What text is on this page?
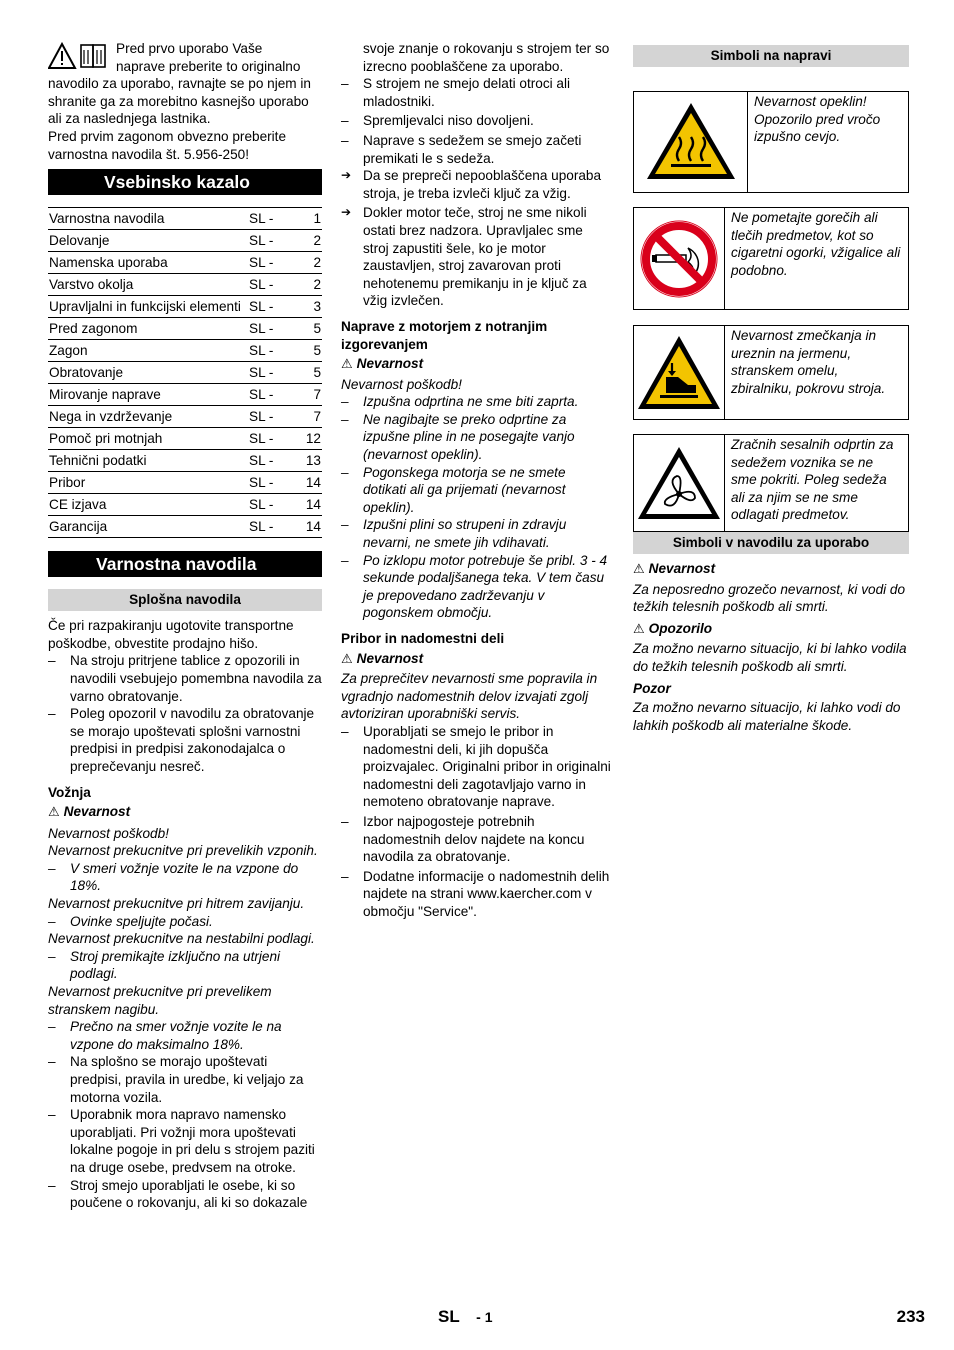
Pred prvo uporabo Vaše

naprave preberite to originalno

navodilo za uporabo, ravnajte se po njem in shranite ga za morebitno kasnejšo uporabo ali za naslednjega lastnika.

Pred prvim zagonom obvezno preberite varnostna navodila št. 5.956-250!

Vsebinsko kazalo
Varnostna navodila	SL -	1
Delovanje	SL -	2
Namenska uporaba	SL -	2
Varstvo okolja	SL -	2
Upravljalni in funkcijski elementi	SL -	3
Pred zagonom	SL -	5
Zagon	SL -	5
Obratovanje	SL -	5
Mirovanje naprave	SL -	7
Nega in vzdrževanje	SL -	7
Pomoč pri motnjah	SL -	12
Tehnični podatki	SL -	13
Pribor	SL -	14
CE izjava	SL -	14
Garancija	SL -	14
Varnostna navodila
Splošna navodila

Če pri razpakiranju ugotovite transportne poškodbe, obvestite prodajno hišo.

– Na stroju pritrjene tablice z opozorili in navodili vsebujejo pomembna navodila za varno obratovanje.
– Poleg opozoril v navodilu za obratovanje se morajo upoštevati splošni varnostni predpisi in predpisi zakonodajalca o preprečevanju nesreč.

Vožnja

⚠ Nevarnost

Nevarnost poškodb!

Nevarnost prekucnitve pri prevelikih vzponih.

– V smeri vožnje vozite le na vzpone do 18%.

Nevarnost prekucnitve pri hitrem zavijanju.

– Ovinke speljujte počasi.

Nevarnost prekucnitve na nestabilni podlagi.

– Stroj premikajte izključno na utrjeni podlagi.

Nevarnost prekucnitve pri prevelikem stranskem nagibu.

– Prečno na smer vožnje vozite le na vzpone do maksimalno 18%.
– Na splošno se morajo upoštevati predpisi, pravila in uredbe, ki veljajo za motorna vozila.
– Uporabnik mora napravo namensko uporabljati. Pri vožnji mora upoštevati lokalne pogoje in pri delu s strojem paziti na druge osebe, predvsem na otroke.
– Stroj smejo uporabljati le osebe, ki so poučene o rokovanju, ali ki so dokazale
svoje znanje o rokovanju s strojem ter so izrecno pooblaščene za uporabo.
– S strojem ne smejo delati otroci ali mladostniki.
– Spremljevalci niso dovoljeni.
– Naprave s sedežem se smejo začeti premikati le s sedeža.
➔ Da se prepreči nepooblaščena uporaba stroja, je treba izvleči ključ za vžig.
➔ Dokler motor teče, stroj ne sme nikoli ostati brez nadzora. Upravljalec sme stroj zapustiti šele, ko je motor zaustavljen, stroj zavarovan proti nehotenemu premikanju in je ključ za vžig izvlečen.

Naprave z motorjem z notranjim izgorevanjem

⚠ Nevarnost

Nevarnost poškodb!

– Izpušna odprtina ne sme biti zaprta.
– Ne nagibajte se preko odprtine za izpušne pline in ne posegajte vanjo (nevarnost opeklin).
– Pogonskega motorja se ne smete dotikati ali ga prijemati (nevarnost opeklin).
– Izpušni plini so strupeni in zdravju nevarni, ne smete jih vdihavati.
– Po izklopu motor potrebuje še pribl. 3 - 4 sekunde podaljšanega teka. V tem času je prepovedano zadrževanju v pogonskem območju.

Pribor in nadomestni deli

⚠ Nevarnost

Za preprečitev nevarnosti sme popravila in vgradnjo nadomestnih delov izvajati zgolj avtoriziran uporabniški servis.

– Uporabljati se smejo le pribor in nadomestni deli, ki jih dopušča proizvajalec. Originalni pribor in originalni nadomestni deli zagotavljajo varno in nemoteno obratovanje naprave.
– Izbor najpogosteje potrebnih nadomestnih delov najdete na koncu navodila za obratovanje.
– Dodatne informacije o nadomestnih delih najdete na strani www.kaercher.com v območju "Service".
Simboli na napravi
Nevarnost opeklin! Opozorilo pred vročo izpušno cevjo.
Ne pometajte gorečih ali tlečih predmetov, kot so cigaretni ogorki, vžigalice ali podobno.
Nevarnost zmečkanja in ureznin na jermenu, stranskem omelu, zbiralniku, pokrovu stroja.
Zračnih sesalnih odprtin za sedežem voznika se ne sme pokriti. Poleg sedeža ali za njim se ne sme odlagati predmetov.
Simboli v navodilu za uporabo

⚠ Nevarnost

Za neposredno grozečo nevarnost, ki vodi do težkih telesnih poškodb ali smrti.

⚠ Opozorilo

Za možno nevarno situacijo, ki bi lahko vodila do težkih telesnih poškodb ali smrti.

Pozor

Za možno nevarno situacijo, ki lahko vodi do lahkih poškodb ali materialne škode.

SL - 1	233
